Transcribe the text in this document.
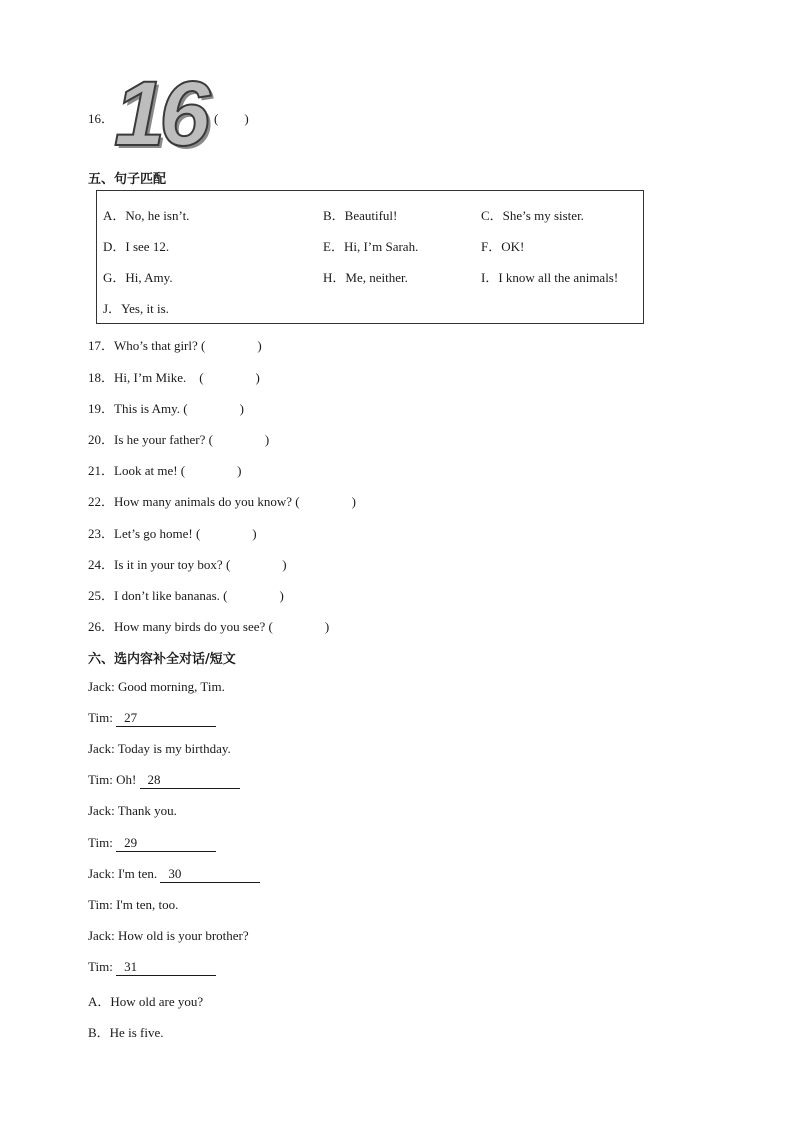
16． 16 (　　)
五、句子匹配
A．No, he isn’t.	B．Beautiful!	C．She’s my sister.
D．I see 12.	E．Hi, I’m Sarah.	F．OK!
G．Hi, Amy.	H．Me, neither.	I．I know all the animals!
J．Yes, it is.
17．Who’s that girl? (　　　　)
18．Hi, I’m Mike.　(　　　　)
19．This is Amy. (　　　　)
20．Is he your father? (　　　　)
21．Look at me! (　　　　)
22．How many animals do you know? (　　　　)
23．Let’s go home! (　　　　)
24．Is it in your toy box? (　　　　)
25．I don’t like bananas. (　　　　)
26．How many birds do you see? (　　　　)
六、选内容补全对话/短文
Jack: Good morning, Tim.
Tim: 27
Jack: Today is my birthday.
Tim: Oh! 28
Jack: Thank you.
Tim: 29
Jack: I'm ten. 30
Tim: I'm ten, too.
Jack: How old is your brother?
Tim: 31
A．How old are you?
B．He is five.
